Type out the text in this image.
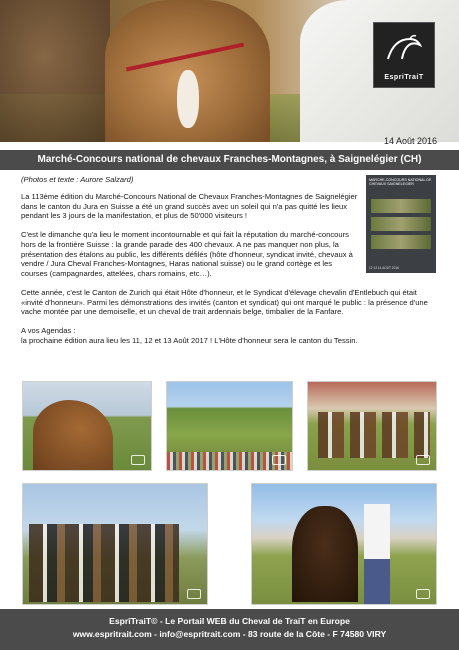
EspriTraiT
14 Août 2016
Marché-Concours national de chevaux Franches-Montagnes, à Saignelégier (CH)
(Photos et texte : Aurore Salzard)	MARCHE-CONCOURS NATIONAL DE CHEVAUX SAIGNELEGIER
12 13 14 AOUT 2016

La 113ème édition du Marché-Concours National de Chevaux Franches-Montagnes de Saignelégier dans le canton du Jura en Suisse a été un grand succès avec un soleil qui n'a pas quitté les lieux pendant les 3 jours de la manifestation, et plus de 50'000 visiteurs !

C'est le dimanche qu'a lieu le moment incontournable et qui fait la réputation du marché-concours hors de la frontière Suisse : la grande parade des 400 chevaux. A ne pas manquer non plus, la présentation des étalons au public, les différents défilés (hôte d'honneur, syndicat invité, chevaux à vendre / Jura Cheval Franches-Montagnes, Haras national suisse) ou le grand cortège et les courses (campagnardes, attelées, chars romains, etc…).

Cette année, c'est le Canton de Zurich qui était Hôte d'honneur, et le Syndicat d'élevage chevalin d'Entlebuch qui était «invité d'honneur». Parmi les démonstrations des invités (canton et syndicat) qui ont marqué le public : la présence d'une vache montée par une demoiselle, et un cheval de trait ardennais belge, timbalier de la Fanfare.

A vos Agendas :

la prochaine édition aura lieu les 11, 12 et 13 Août 2017 ! L'Hôte d'honneur sera le canton du Tessin.

EsprîTraiT© - Le Portail WEB du Cheval de TraiT en Europe
www.espritrait.com - info@espritrait.com - 83 route de la Côte - F 74580 VIRY
